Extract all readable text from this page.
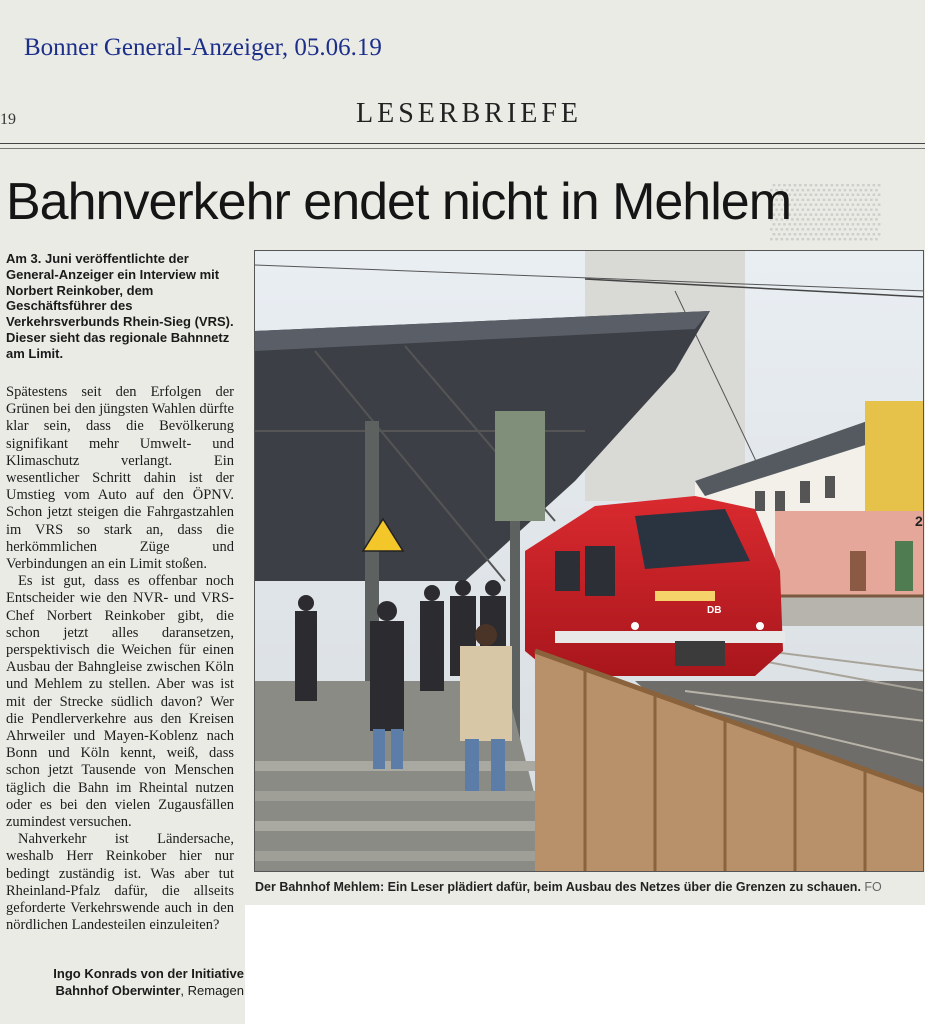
Bonner General-Anzeiger, 05.06.19
19	LESERBRIEFE
▒▒▒
Bahnverkehr endet nicht in Mehlem
Am 3. Juni veröffentlichte der General-Anzeiger ein Interview mit Norbert Reinkober, dem Geschäftsführer des Verkehrsverbunds Rhein-Sieg (VRS). Dieser sieht das regionale Bahnnetz am Limit.

Spätestens seit den Erfolgen der Grünen bei den jüngsten Wahlen dürfte klar sein, dass die Bevölkerung signifikant mehr Umwelt- und Klimaschutz verlangt. Ein wesentlicher Schritt dahin ist der Umstieg vom Auto auf den ÖPNV. Schon jetzt steigen die Fahrgastzahlen im VRS so stark an, dass die herkömmlichen Züge und Verbindungen an ein Limit stoßen.

Es ist gut, dass es offenbar noch Entscheider wie den NVR- und VRS-Chef Norbert Reinkober gibt, die schon jetzt alles daransetzen, perspektivisch die Weichen für einen Ausbau der Bahngleise zwischen Köln und Mehlem zu stellen. Aber was ist mit der Strecke südlich davon? Wer die Pendlerverkehre aus den Kreisen Ahrweiler und Mayen-Koblenz nach Bonn und Köln kennt, weiß, dass schon jetzt Tausende von Menschen täglich die Bahn im Rheintal nutzen oder es bei den vielen Zugausfällen zumindest versuchen.

Nahverkehr ist Ländersache, weshalb Herr Reinkober hier nur bedingt zuständig ist. Was aber tut Rheinland-Pfalz dafür, die allseits geforderte Verkehrswende auch in den nördlichen Landesteilen einzuleiten?

Ingo Konrads von der Initiative Bahnhof Oberwinter, Remagen
2
DB
Der Bahnhof Mehlem: Ein Leser plädiert dafür, beim Ausbau des Netzes über die Grenzen zu schauen. FO
